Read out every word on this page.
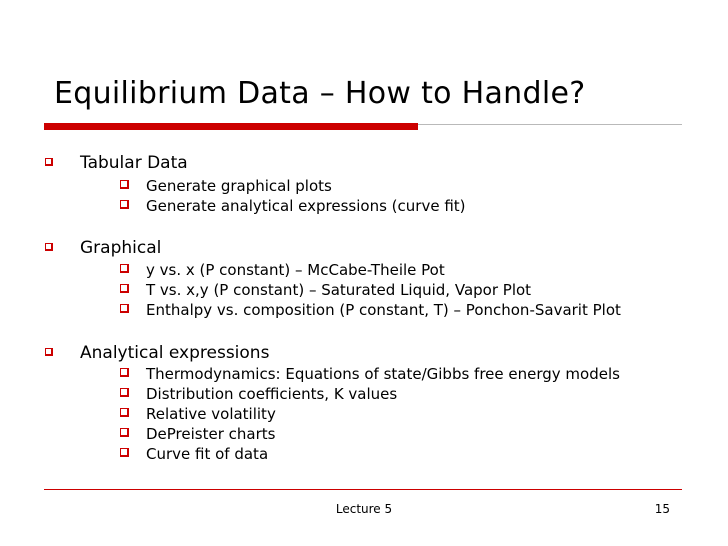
Equilibrium Data – How to Handle?
Tabular Data
Generate graphical plots
Generate analytical expressions (curve fit)
Graphical
y vs. x (P constant) – McCabe-Theile Pot
T vs. x,y (P constant) – Saturated Liquid, Vapor Plot
Enthalpy vs. composition (P constant, T) – Ponchon-Savarit Plot
Analytical expressions
Thermodynamics: Equations of state/Gibbs free energy models
Distribution coefficients, K values
Relative volatility
DePreister charts
Curve fit of data
Lecture 5	15
